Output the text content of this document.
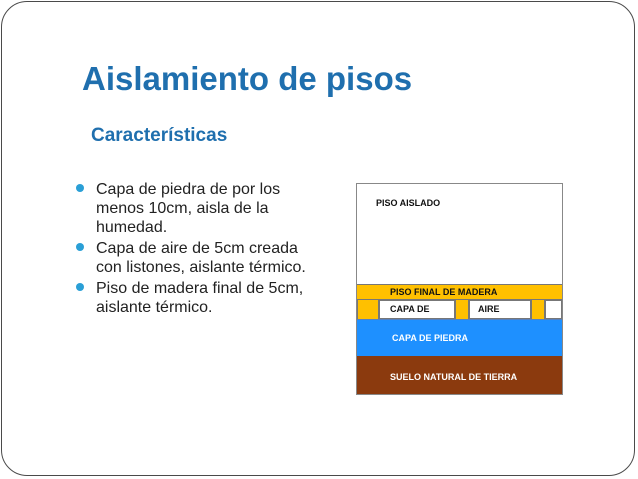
Aislamiento de pisos
Características
Capa de piedra de por los menos 10cm, aisla de la humedad.
Capa de aire de 5cm creada con listones, aislante térmico.
Piso de madera final de 5cm, aislante térmico.
PISO AISLADO
PISO FINAL DE MADERA
CAPA DE	AIRE
CAPA DE PIEDRA
SUELO NATURAL DE TIERRA
